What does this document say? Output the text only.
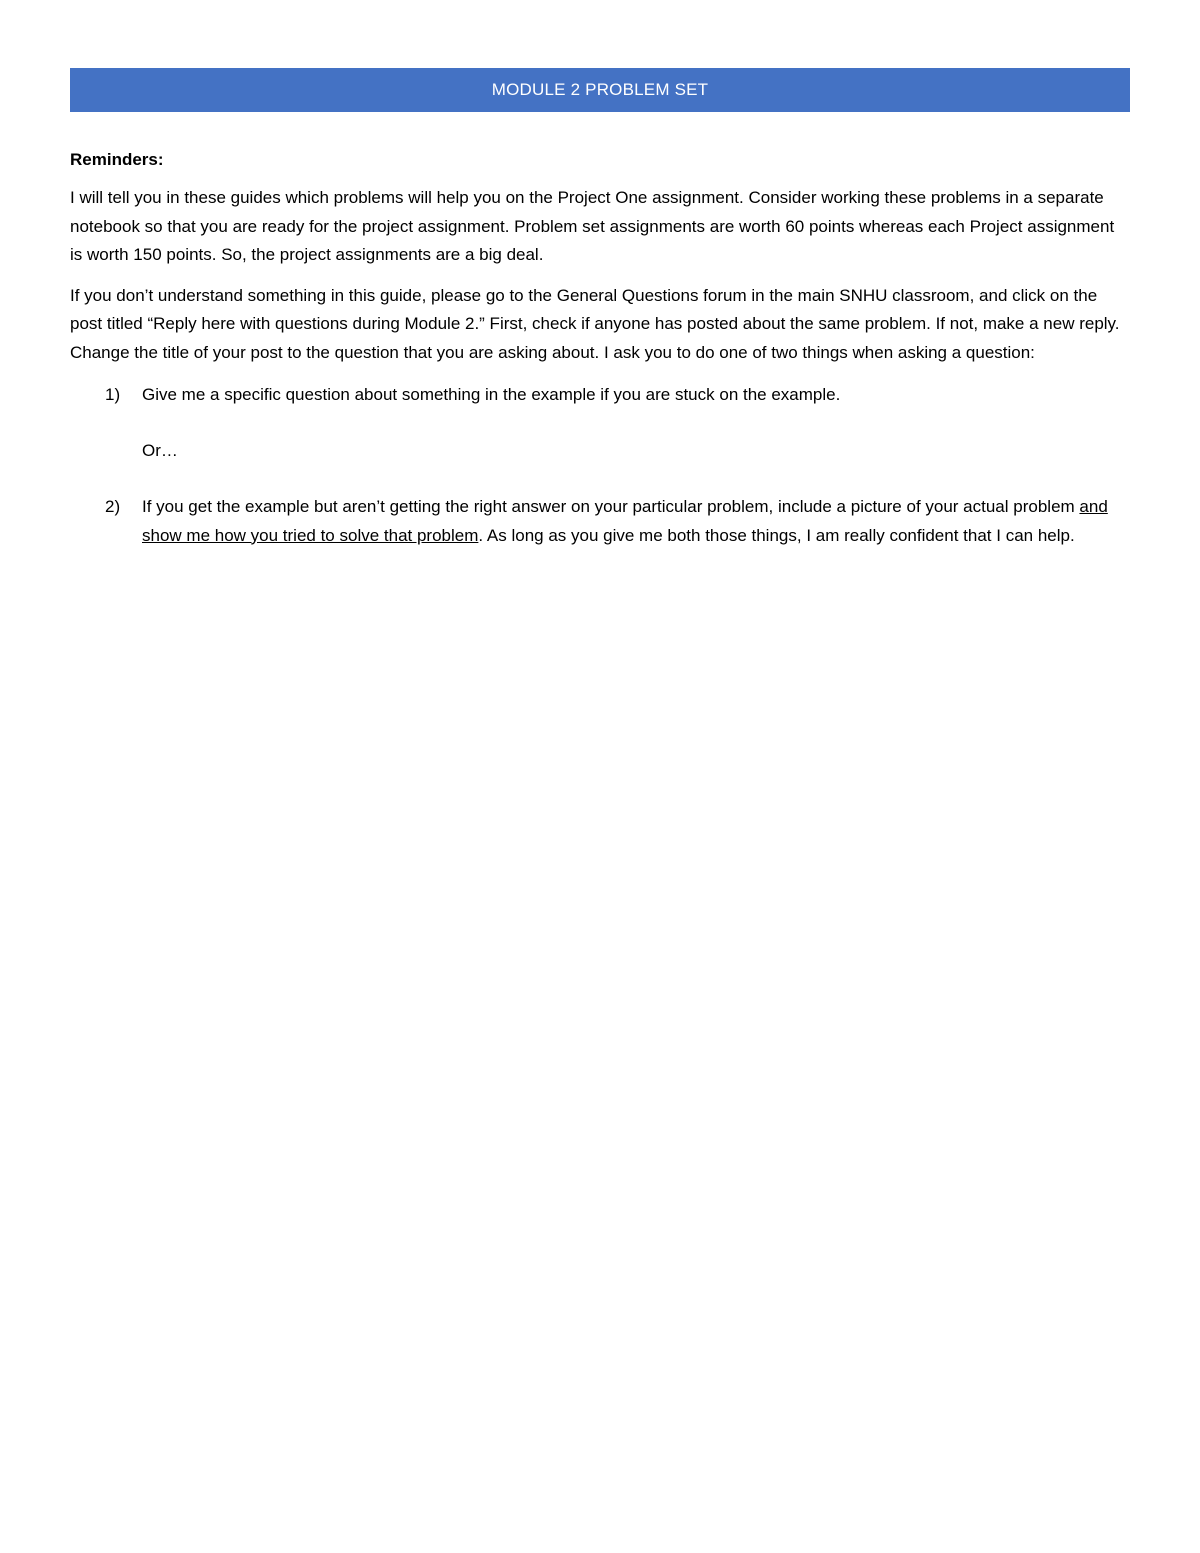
MODULE 2 PROBLEM SET
Reminders:

I will tell you in these guides which problems will help you on the Project One assignment. Consider working these problems in a separate notebook so that you are ready for the project assignment. Problem set assignments are worth 60 points whereas each Project assignment is worth 150 points. So, the project assignments are a big deal.

If you don’t understand something in this guide, please go to the General Questions forum in the main SNHU classroom, and click on the post titled “Reply here with questions during Module 2.” First, check if anyone has posted about the same problem. If not, make a new reply. Change the title of your post to the question that you are asking about. I ask you to do one of two things when asking a question:

1) Give me a specific question about something in the example if you are stuck on the example.
Or…
2) If you get the example but aren’t getting the right answer on your particular problem, include a picture of your actual problem and show me how you tried to solve that problem. As long as you give me both those things, I am really confident that I can help.
